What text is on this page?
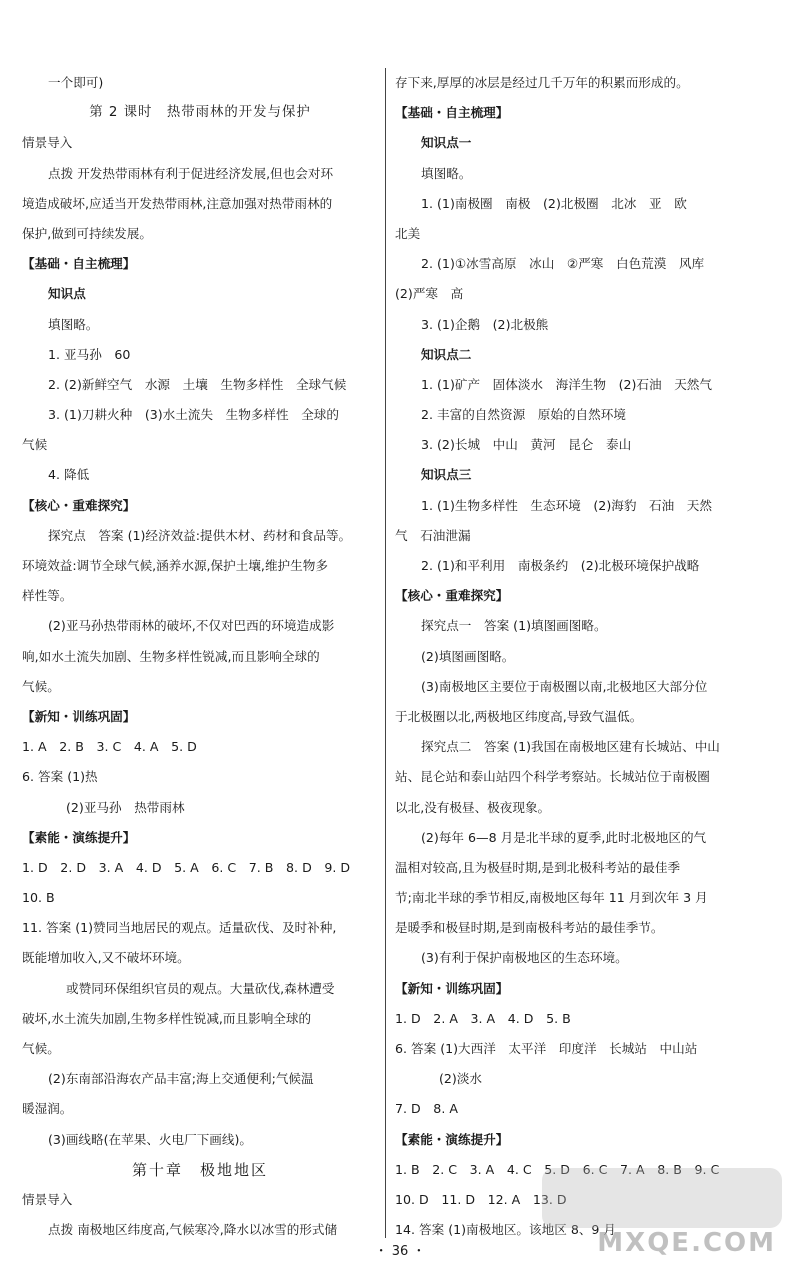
一个即可)
第 2 课时　热带雨林的开发与保护
情景导入
点拨 开发热带雨林有利于促进经济发展,但也会对环
境造成破坏,应适当开发热带雨林,注意加强对热带雨林的
保护,做到可持续发展。
【基础・自主梳理】
知识点
填图略。
1. 亚马孙　60
2. (2)新鲜空气　水源　土壤　生物多样性　全球气候
3. (1)刀耕火种　(3)水土流失　生物多样性　全球的
气候
4. 降低
【核心・重难探究】
探究点　答案 (1)经济效益:提供木材、药材和食品等。
环境效益:调节全球气候,涵养水源,保护土壤,维护生物多
样性等。
(2)亚马孙热带雨林的破坏,不仅对巴西的环境造成影
响,如水土流失加剧、生物多样性锐减,而且影响全球的
气候。
【新知・训练巩固】
1. A　2. B　3. C　4. A　5. D
6. 答案 (1)热
(2)亚马孙　热带雨林
【素能・演练提升】
1. D　2. D　3. A　4. D　5. A　6. C　7. B　8. D　9. D
10. B
11. 答案 (1)赞同当地居民的观点。适量砍伐、及时补种,
既能增加收入,又不破坏环境。
或赞同环保组织官员的观点。大量砍伐,森林遭受
破坏,水土流失加剧,生物多样性锐减,而且影响全球的
气候。
(2)东南部沿海农产品丰富;海上交通便利;气候温
暖湿润。
(3)画线略(在苹果、火电厂下画线)。
第十章　极地地区
情景导入
点拨 南极地区纬度高,气候寒冷,降水以冰雪的形式储
存下来,厚厚的冰层是经过几千万年的积累而形成的。
【基础・自主梳理】
知识点一
填图略。
1. (1)南极圈　南极　(2)北极圈　北冰　亚　欧
北美
2. (1)①冰雪高原　冰山　②严寒　白色荒漠　风库
(2)严寒　高
3. (1)企鹅　(2)北极熊
知识点二
1. (1)矿产　固体淡水　海洋生物　(2)石油　天然气
2. 丰富的自然资源　原始的自然环境
3. (2)长城　中山　黄河　昆仑　泰山
知识点三
1. (1)生物多样性　生态环境　(2)海豹　石油　天然
气　石油泄漏
2. (1)和平利用　南极条约　(2)北极环境保护战略
【核心・重难探究】
探究点一　答案 (1)填图画图略。
(2)填图画图略。
(3)南极地区主要位于南极圈以南,北极地区大部分位
于北极圈以北,两极地区纬度高,导致气温低。
探究点二　答案 (1)我国在南极地区建有长城站、中山
站、昆仑站和泰山站四个科学考察站。长城站位于南极圈
以北,没有极昼、极夜现象。
(2)每年 6—8 月是北半球的夏季,此时北极地区的气
温相对较高,且为极昼时期,是到北极科考站的最佳季
节;南北半球的季节相反,南极地区每年 11 月到次年 3 月
是暖季和极昼时期,是到南极科考站的最佳季节。
(3)有利于保护南极地区的生态环境。
【新知・训练巩固】
1. D　2. A　3. A　4. D　5. B
6. 答案 (1)大西洋　太平洋　印度洋　长城站　中山站
(2)淡水
7. D　8. A
【素能・演练提升】
1. B　2. C　3. A　4. C　5. D　6. C　7. A　8. B　9. C
10. D　11. D　12. A　13. D
14. 答案 (1)南极地区。该地区 8、9 月
・ 36 ・	MXQE.COM
